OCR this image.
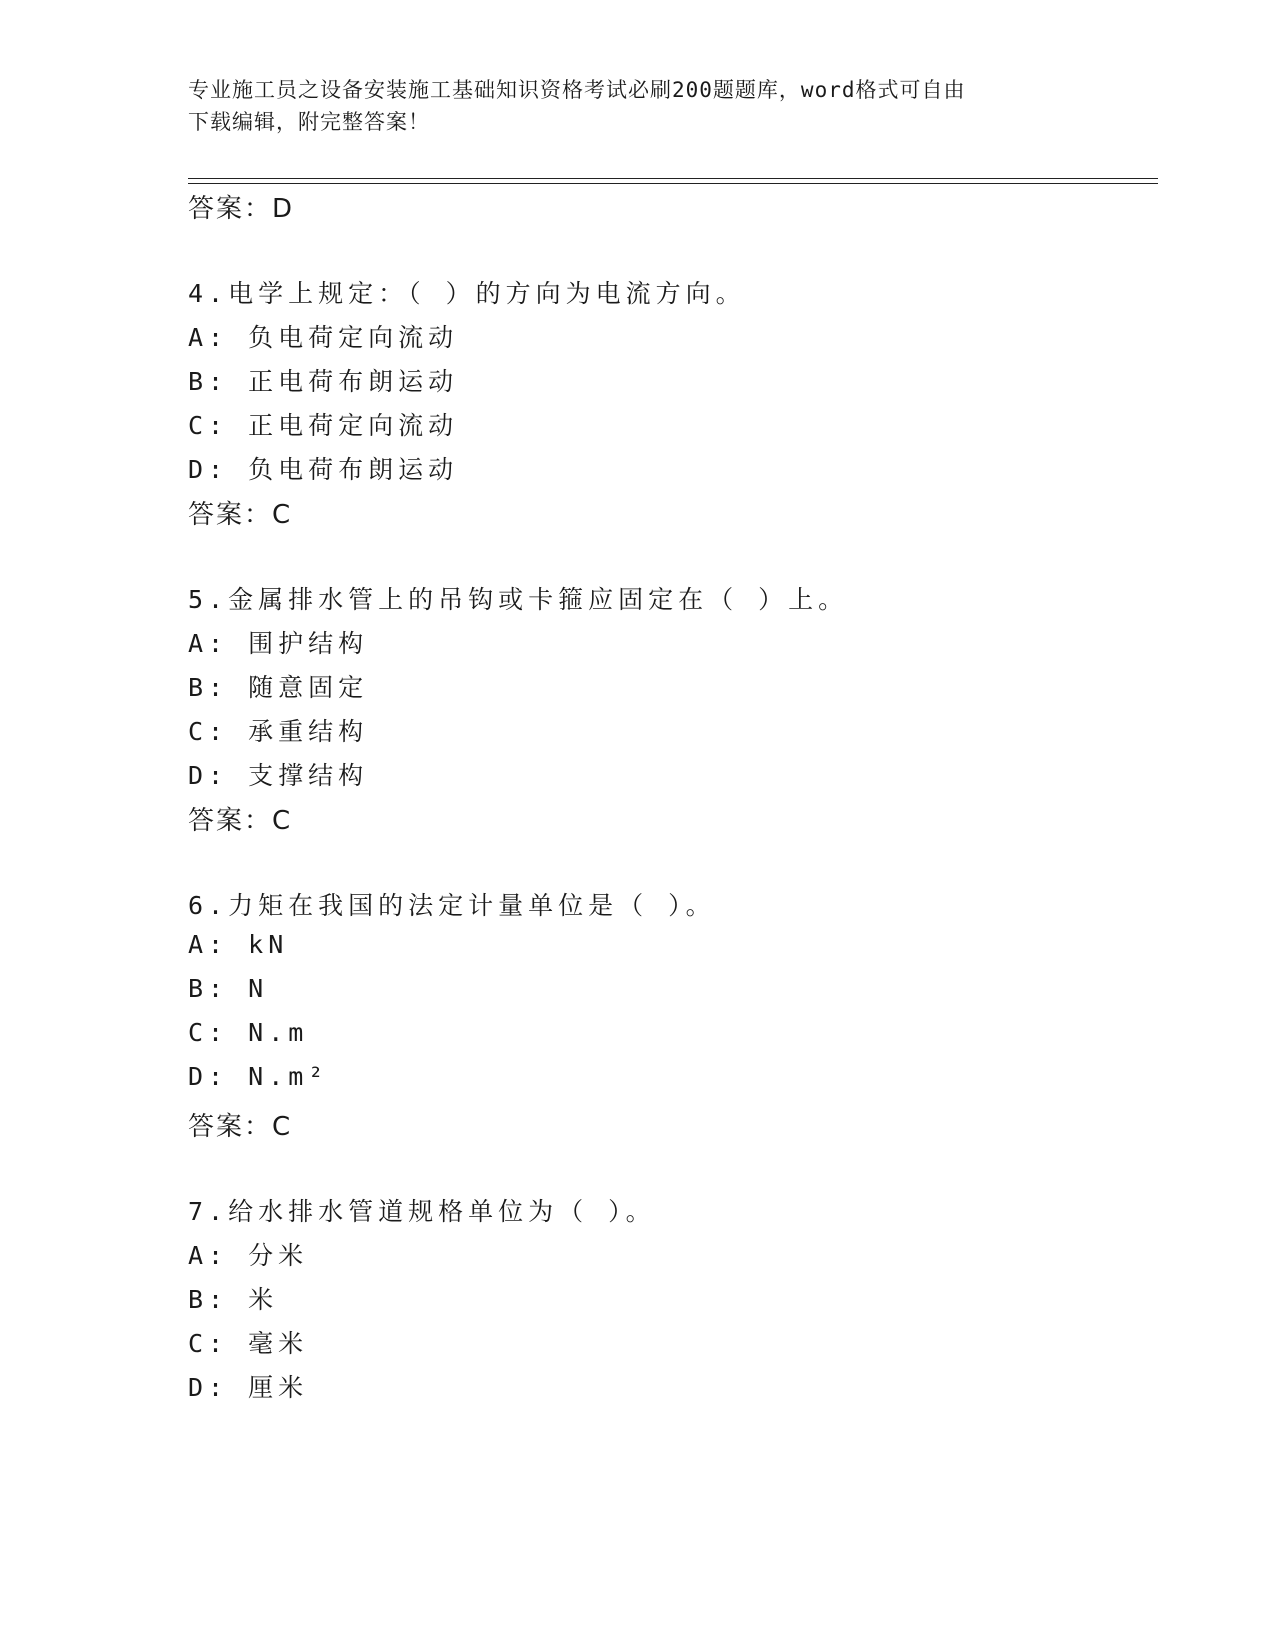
专业施工员之设备安装施工基础知识资格考试必刷200题题库，word格式可自由
下载编辑，附完整答案！
答案：D
4.电学上规定：（ ）的方向为电流方向。
A: 负电荷定向流动
B: 正电荷布朗运动
C: 正电荷定向流动
D: 负电荷布朗运动
答案：C
5.金属排水管上的吊钩或卡箍应固定在（ ）上。
A: 围护结构
B: 随意固定
C: 承重结构
D: 支撑结构
答案：C
6.力矩在我国的法定计量单位是（ ）。
A: kN
B: N
C: N.m
D: N.m²
答案：C
7.给水排水管道规格单位为（ ）。
A: 分米
B: 米
C: 毫米
D: 厘米
